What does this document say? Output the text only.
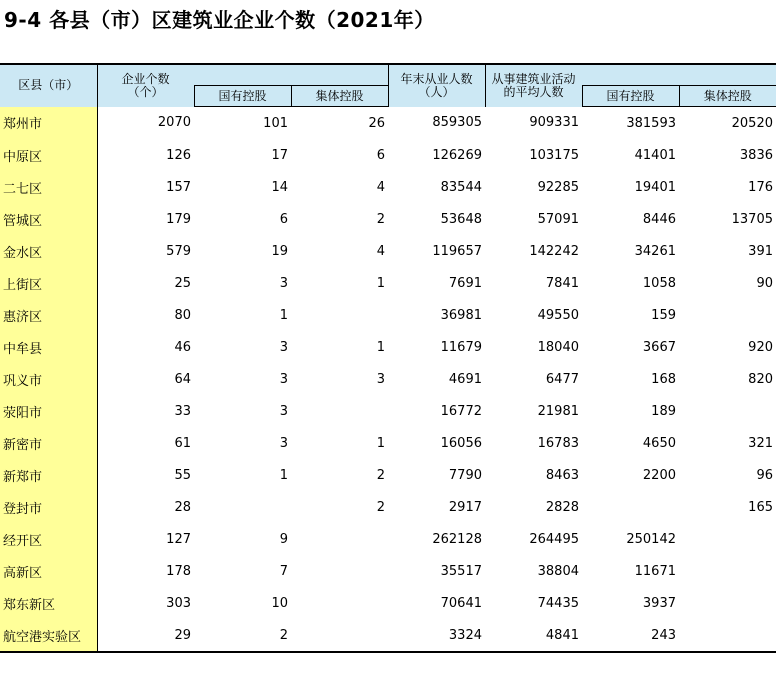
9-4 各县（市）区建筑业企业个数（2021年）
区县（市）	企业个数
（个）			年末从业人数
（人）	从事建筑业活动
的平均人数		
		国有控股	集体控股			国有控股	集体控股
郑州市	2070	101	26	859305	909331	381593	20520
中原区	126	17	6	126269	103175	41401	3836
二七区	157	14	4	83544	92285	19401	176
管城区	179	6	2	53648	57091	8446	13705
金水区	579	19	4	119657	142242	34261	391
上街区	25	3	1	7691	7841	1058	90
惠济区	80	1		36981	49550	159	
中牟县	46	3	1	11679	18040	3667	920
巩义市	64	3	3	4691	6477	168	820
荥阳市	33	3		16772	21981	189	
新密市	61	3	1	16056	16783	4650	321
新郑市	55	1	2	7790	8463	2200	96
登封市	28		2	2917	2828		165
经开区	127	9		262128	264495	250142	
高新区	178	7		35517	38804	11671	
郑东新区	303	10		70641	74435	3937	
航空港实验区	29	2		3324	4841	243	
